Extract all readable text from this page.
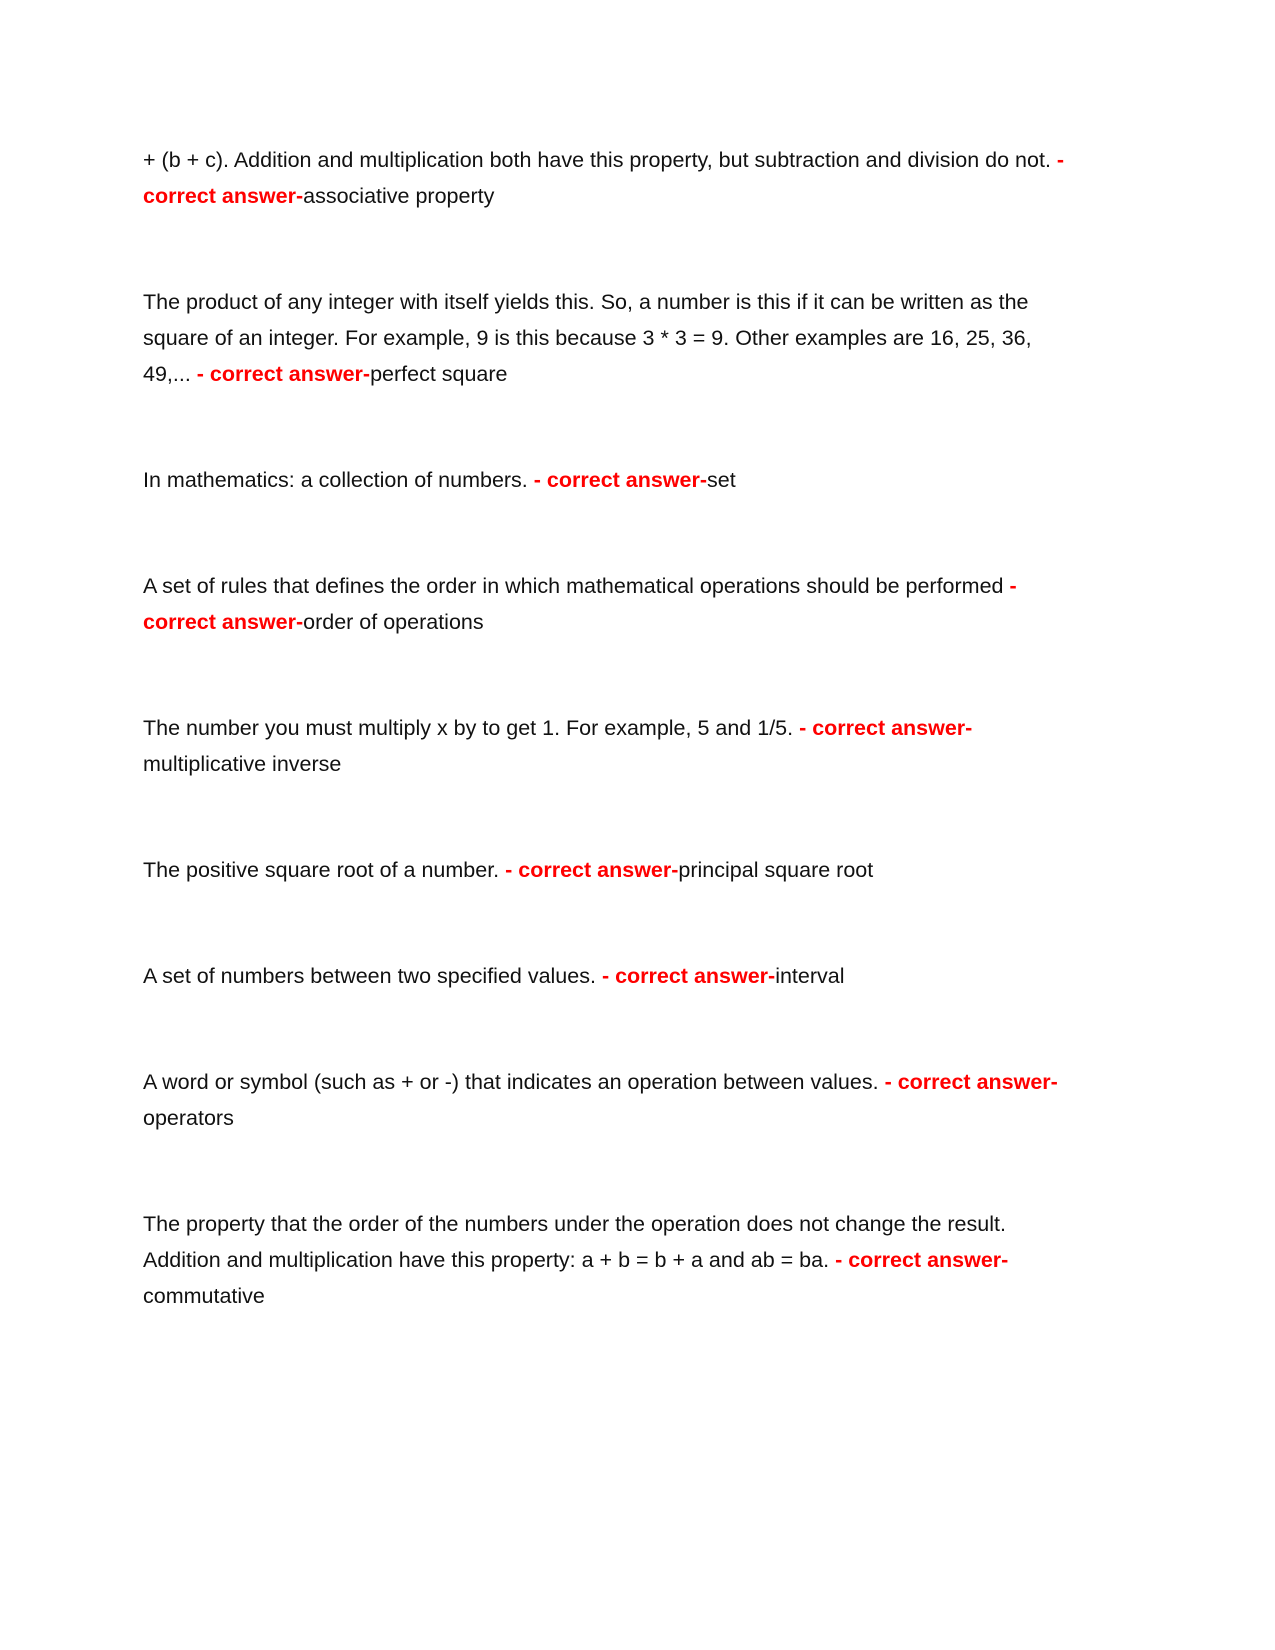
+ (b + c). Addition and multiplication both have this property, but subtraction and division do not. - correct answer-associative property

The product of any integer with itself yields this. So, a number is this if it can be written as the square of an integer. For example, 9 is this because 3 * 3 = 9. Other examples are 16, 25, 36, 49,... - correct answer-perfect square

In mathematics: a collection of numbers. - correct answer-set

A set of rules that defines the order in which mathematical operations should be performed - correct answer-order of operations

The number you must multiply x by to get 1. For example, 5 and 1/5. - correct answer-multiplicative inverse

The positive square root of a number. - correct answer-principal square root

A set of numbers between two specified values. - correct answer-interval

A word or symbol (such as + or -) that indicates an operation between values. - correct answer-operators

The property that the order of the numbers under the operation does not change the result. Addition and multiplication have this property: a + b = b + a and ab = ba. - correct answer-commutative
